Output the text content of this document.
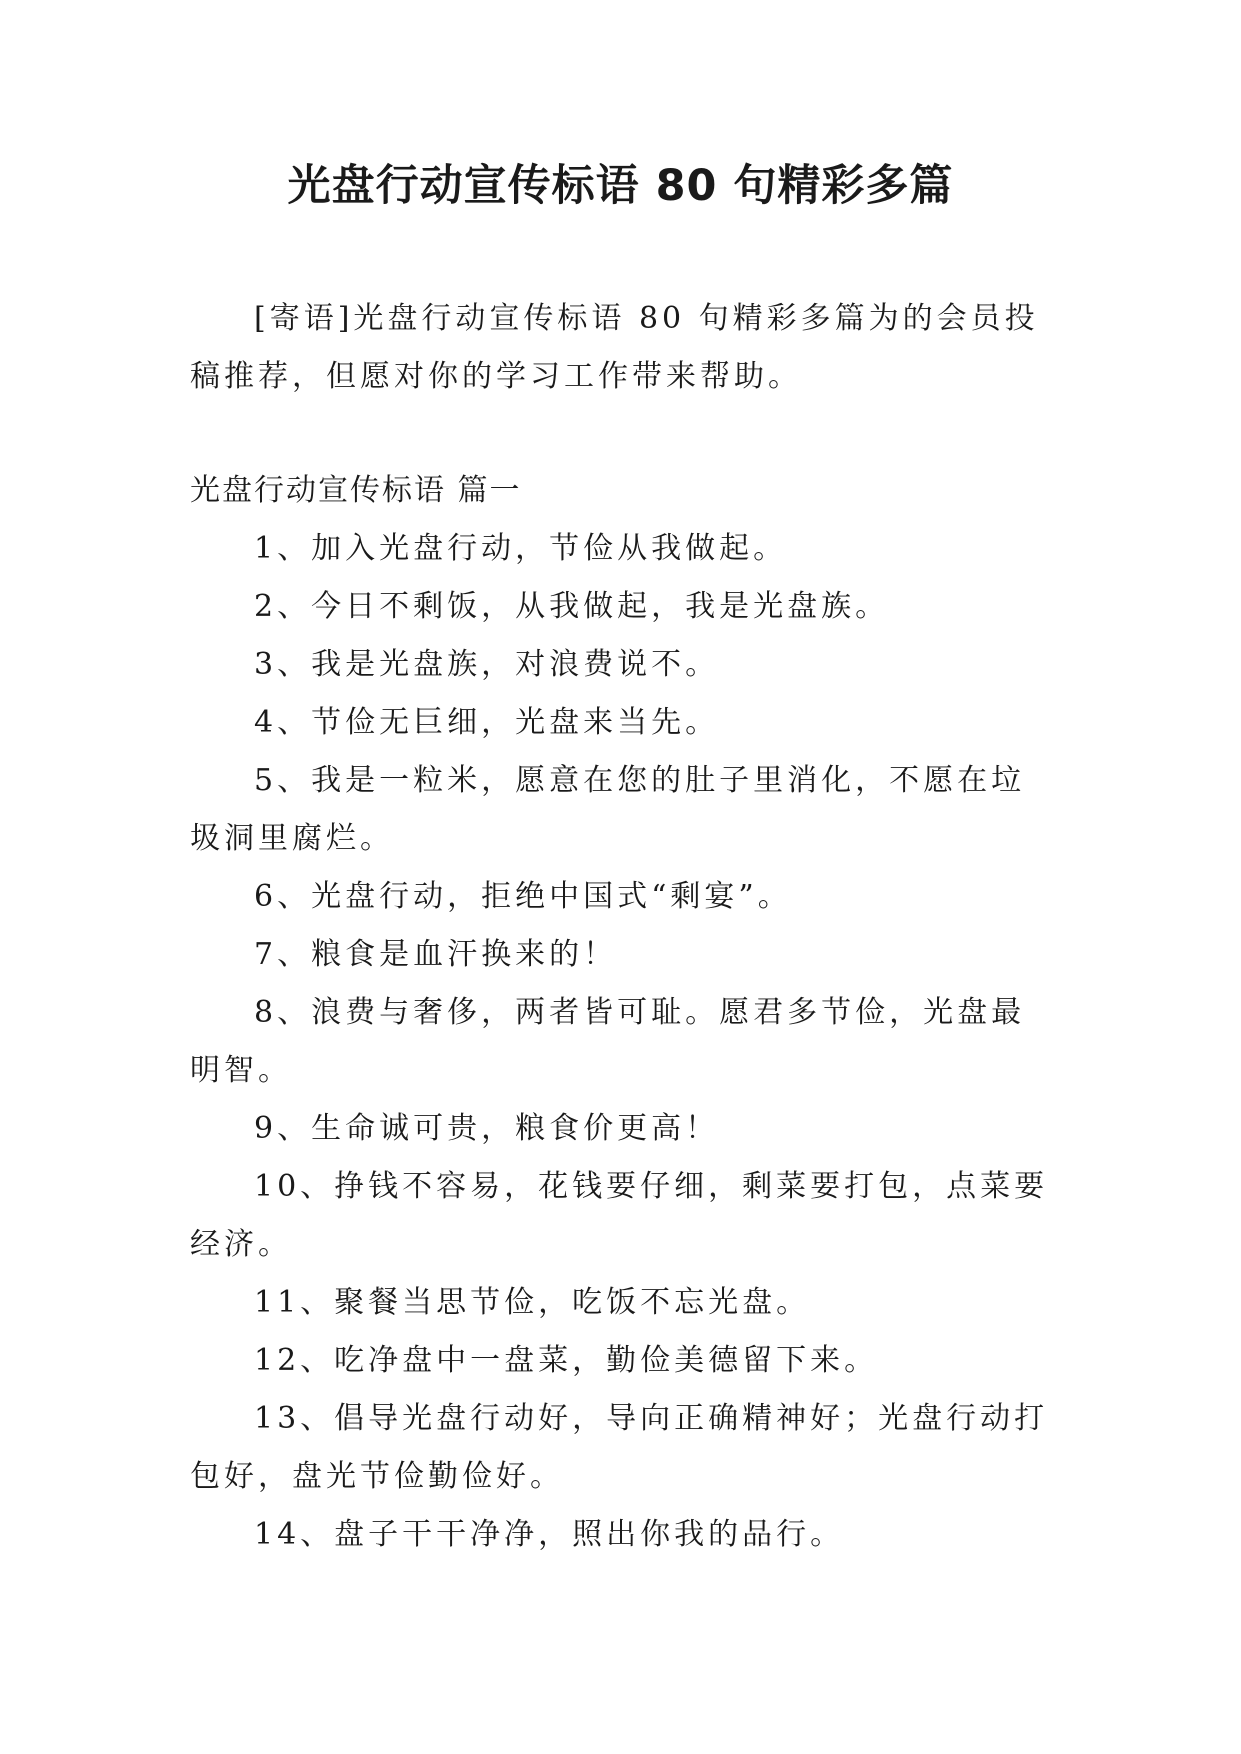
光盘行动宣传标语 80 句精彩多篇

[寄语]光盘行动宣传标语 80 句精彩多篇为的会员投稿推荐，但愿对你的学习工作带来帮助。

光盘行动宣传标语 篇一

1、加入光盘行动，节俭从我做起。

2、今日不剩饭，从我做起，我是光盘族。

3、我是光盘族，对浪费说不。

4、节俭无巨细，光盘来当先。

5、我是一粒米，愿意在您的肚子里消化，不愿在垃圾洞里腐烂。

6、光盘行动，拒绝中国式“剩宴”。

7、粮食是血汗换来的！

8、浪费与奢侈，两者皆可耻。愿君多节俭，光盘最明智。

9、生命诚可贵，粮食价更高！

10、挣钱不容易，花钱要仔细，剩菜要打包，点菜要经济。

11、聚餐当思节俭，吃饭不忘光盘。

12、吃净盘中一盘菜，勤俭美德留下来。

13、倡导光盘行动好，导向正确精神好；光盘行动打包好，盘光节俭勤俭好。

14、盘子干干净净，照出你我的品行。
